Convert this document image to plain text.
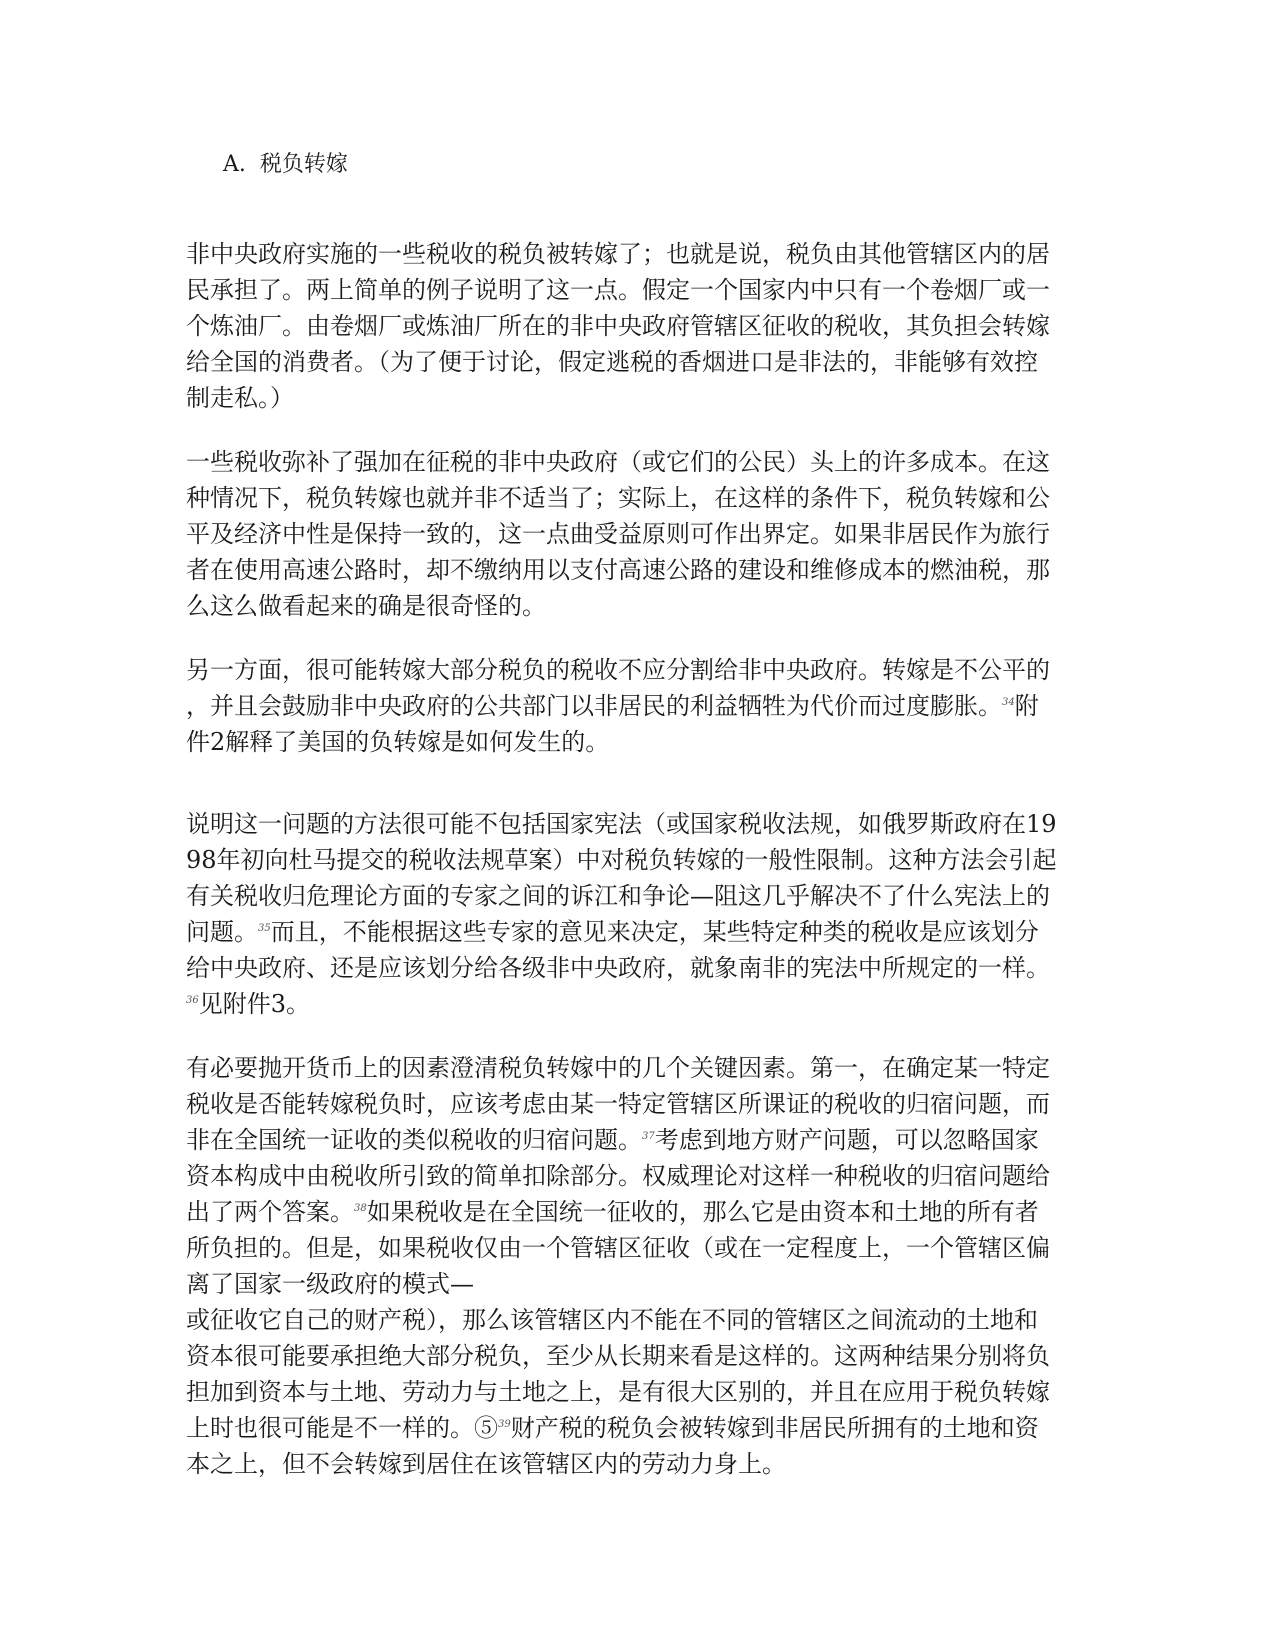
A.  税负转嫁
非中央政府实施的一些税收的税负被转嫁了；也就是说，税负由其他管辖区内的居
民承担了。两上简单的例子说明了这一点。假定一个国家内中只有一个卷烟厂或一
个炼油厂。由卷烟厂或炼油厂所在的非中央政府管辖区征收的税收，其负担会转嫁
给全国的消费者。（为了便于讨论，假定逃税的香烟进口是非法的，非能够有效控
制走私。）
一些税收弥补了强加在征税的非中央政府（或它们的公民）头上的许多成本。在这
种情况下，税负转嫁也就并非不适当了；实际上，在这样的条件下，税负转嫁和公
平及经济中性是保持一致的，这一点曲受益原则可作出界定。如果非居民作为旅行
者在使用高速公路时，却不缴纳用以支付高速公路的建设和维修成本的燃油税，那
么这么做看起来的确是很奇怪的。
另一方面，很可能转嫁大部分税负的税收不应分割给非中央政府。转嫁是不公平的
，并且会鼓励非中央政府的公共部门以非居民的利益牺牲为代价而过度膨胀。$^{34}$附
件2解释了美国的负转嫁是如何发生的。
说明这一问题的方法很可能不包括国家宪法（或国家税收法规，如俄罗斯政府在19
98年初向杜马提交的税收法规草案）中对税负转嫁的一般性限制。这种方法会引起
有关税收归危理论方面的专家之间的诉江和争论—阻这几乎解决不了什么宪法上的
问题。$^{35}$而且，不能根据这些专家的意见来决定，某些特定种类的税收是应该划分
给中央政府、还是应该划分给各级非中央政府，就象南非的宪法中所规定的一样。
$^{36}$见附件3。
有必要抛开货币上的因素澄清税负转嫁中的几个关键因素。第一，在确定某一特定
税收是否能转嫁税负时，应该考虑由某一特定管辖区所课证的税收的归宿问题，而
非在全国统一证收的类似税收的归宿问题。$^{37}$考虑到地方财产问题，可以忽略国家
资本构成中由税收所引致的简单扣除部分。权威理论对这样一种税收的归宿问题给
出了两个答案。$^{38}$如果税收是在全国统一征收的，那么它是由资本和土地的所有者
所负担的。但是，如果税收仅由一个管辖区征收（或在一定程度上，一个管辖区偏
离了国家一级政府的模式—
或征收它自己的财产税），那么该管辖区内不能在不同的管辖区之间流动的土地和
资本很可能要承担绝大部分税负，至少从长期来看是这样的。这两种结果分别将负
担加到资本与土地、劳动力与土地之上，是有很大区别的，并且在应用于税负转嫁
上时也很可能是不一样的。⑤$^{39}$财产税的税负会被转嫁到非居民所拥有的土地和资
本之上，但不会转嫁到居住在该管辖区内的劳动力身上。
